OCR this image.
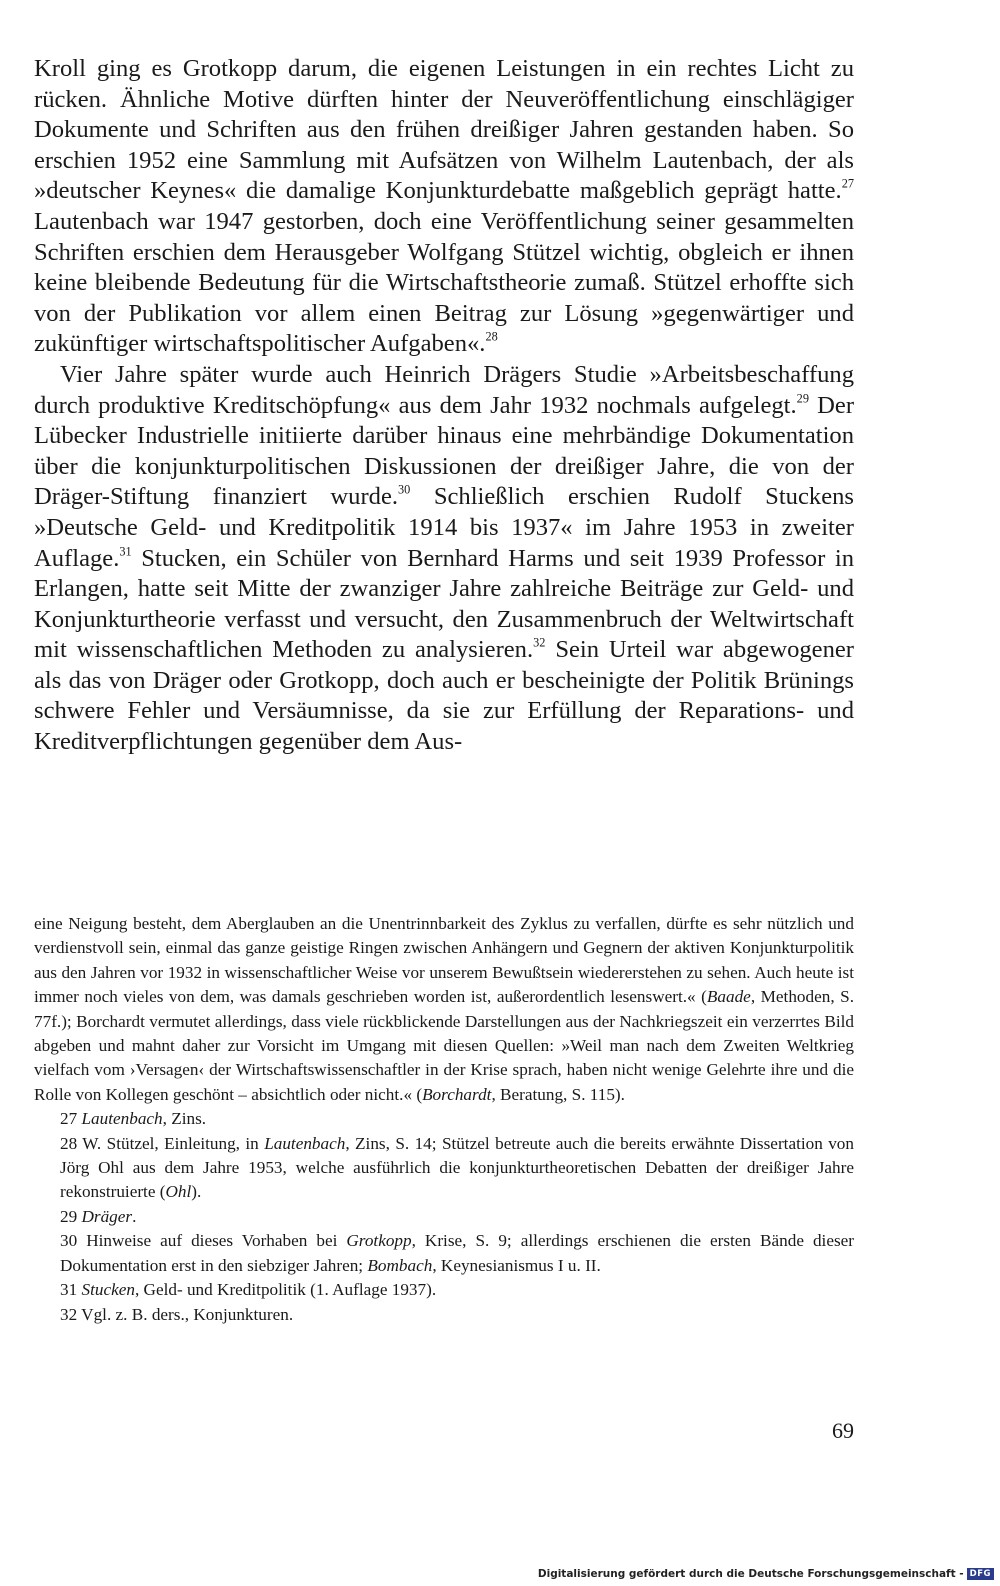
Kroll ging es Grotkopp darum, die eigenen Leistungen in ein rechtes Licht zu rücken. Ähnliche Motive dürften hinter der Neuveröffentlichung einschlägiger Dokumente und Schriften aus den frühen dreißiger Jahren gestanden haben. So erschien 1952 eine Sammlung mit Aufsätzen von Wilhelm Lautenbach, der als »deutscher Keynes« die damalige Konjunkturdebatte maßgeblich geprägt hatte.$^{27}$ Lautenbach war 1947 gestorben, doch eine Veröffentlichung seiner gesammelten Schriften erschien dem Herausgeber Wolfgang Stützel wichtig, obgleich er ihnen keine bleibende Bedeutung für die Wirtschaftstheorie zumaß. Stützel erhoffte sich von der Publikation vor allem einen Beitrag zur Lösung »gegenwärtiger und zukünftiger wirtschaftspolitischer Aufgaben«.$^{28}$

Vier Jahre später wurde auch Heinrich Drägers Studie »Arbeitsbeschaffung durch produktive Kreditschöpfung« aus dem Jahr 1932 nochmals aufgelegt.$^{29}$ Der Lübecker Industrielle initiierte darüber hinaus eine mehrbändige Dokumentation über die konjunkturpolitischen Diskussionen der dreißiger Jahre, die von der Dräger-Stiftung finanziert wurde.$^{30}$ Schließlich erschien Rudolf Stuckens »Deutsche Geld- und Kreditpolitik 1914 bis 1937« im Jahre 1953 in zweiter Auflage.$^{31}$ Stucken, ein Schüler von Bernhard Harms und seit 1939 Professor in Erlangen, hatte seit Mitte der zwanziger Jahre zahlreiche Beiträge zur Geld- und Konjunkturtheorie verfasst und versucht, den Zusammenbruch der Weltwirtschaft mit wissenschaftlichen Methoden zu analysieren.$^{32}$ Sein Urteil war abgewogener als das von Dräger oder Grotkopp, doch auch er bescheinigte der Politik Brünings schwere Fehler und Versäumnisse, da sie zur Erfüllung der Reparations- und Kreditverpflichtungen gegenüber dem Aus-

eine Neigung besteht, dem Aberglauben an die Unentrinnbarkeit des Zyklus zu verfallen, dürfte es sehr nützlich und verdienstvoll sein, einmal das ganze geistige Ringen zwischen Anhängern und Gegnern der aktiven Konjunkturpolitik aus den Jahren vor 1932 in wissenschaftlicher Weise vor unserem Bewußtsein wiedererstehen zu sehen. Auch heute ist immer noch vieles von dem, was damals geschrieben worden ist, außerordentlich lesenswert.« (Baade, Methoden, S. 77f.); Borchardt vermutet allerdings, dass viele rückblickende Darstellungen aus der Nachkriegszeit ein verzerrtes Bild abgeben und mahnt daher zur Vorsicht im Umgang mit diesen Quellen: »Weil man nach dem Zweiten Weltkrieg vielfach vom ›Versagen‹ der Wirtschaftswissenschaftler in der Krise sprach, haben nicht wenige Gelehrte ihre und die Rolle von Kollegen geschönt – absichtlich oder nicht.« (Borchardt, Beratung, S. 115).

27 Lautenbach, Zins.

28 W. Stützel, Einleitung, in Lautenbach, Zins, S. 14; Stützel betreute auch die bereits erwähnte Dissertation von Jörg Ohl aus dem Jahre 1953, welche ausführlich die konjunkturtheoretischen Debatten der dreißiger Jahre rekonstruierte (Ohl).

29 Dräger.

30 Hinweise auf dieses Vorhaben bei Grotkopp, Krise, S. 9; allerdings erschienen die ersten Bände dieser Dokumentation erst in den siebziger Jahren; Bombach, Keynesianismus I u. II.

31 Stucken, Geld- und Kreditpolitik (1. Auflage 1937).

32 Vgl. z. B. ders., Konjunkturen.

69
Digitalisierung gefördert durch die Deutsche Forschungsgemeinschaft - DFG
